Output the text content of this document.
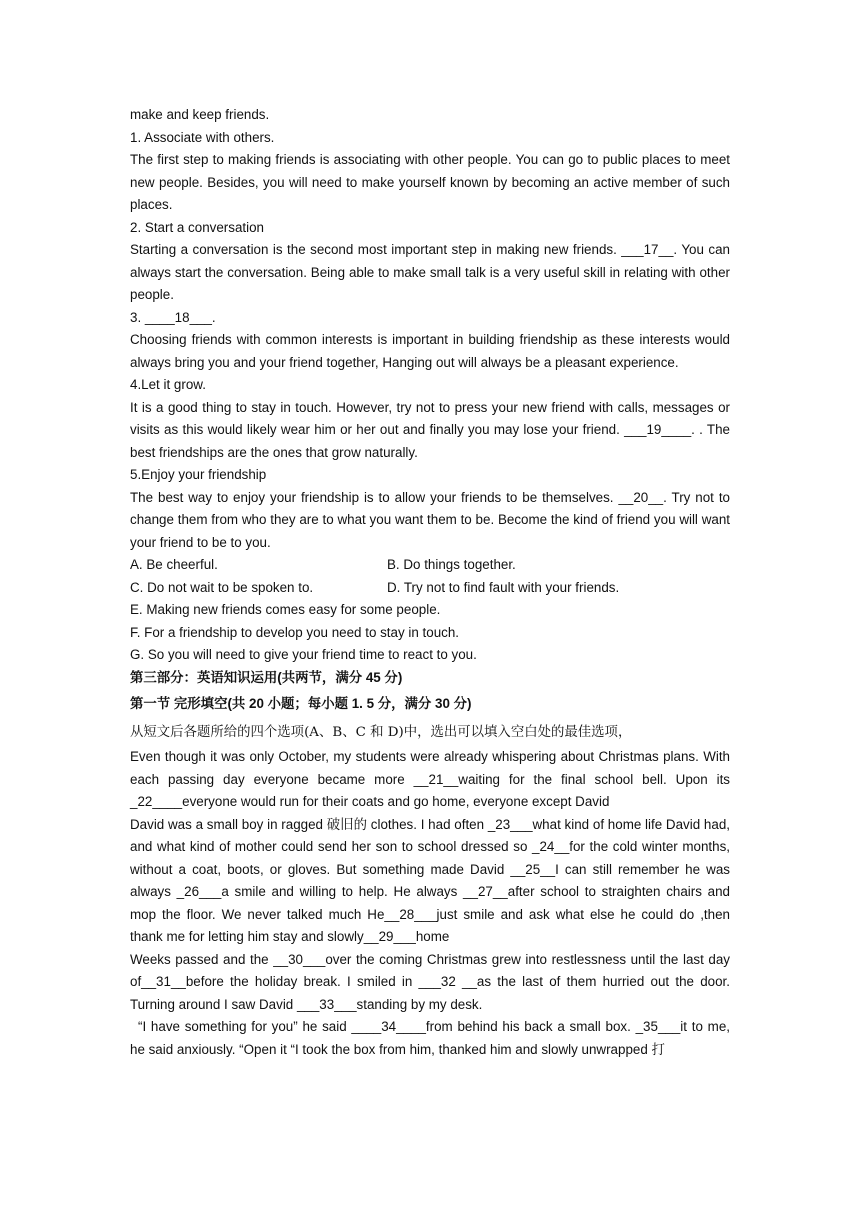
make and keep friends.

1. Associate with others.

The first step to making friends is associating with other people. You can go to public places to meet new people. Besides, you will need to make yourself known by becoming an active member of such places.

2. Start a conversation

Starting a conversation is the second most important step in making new friends. ___17__. You can always start the conversation. Being able to make small talk is a very useful skill in relating with other people.

3. ____18___.

Choosing friends with common interests is important in building friendship as these interests would always bring you and your friend together, Hanging out will always be a pleasant experience.

4.Let it grow.

It is a good thing to stay in touch. However, try not to press your new friend with calls, messages or visits as this would likely wear him or her out and finally you may lose your friend. ___19____. . The best friendships are the ones that grow naturally.

5.Enjoy your friendship

The best way to enjoy your friendship is to allow your friends to be themselves. __20__. Try not to change them from who they are to what you want them to be. Become the kind of friend you will want your friend to be to you.

A. Be cheerful.	B. Do things together.
C. Do not wait to be spoken to.	D. Try not to find fault with your friends.

E. Making new friends comes easy for some people.

F. For a friendship to develop you need to stay in touch.

G. So you will need to give your friend time to react to you.

第三部分：英语知识运用(共两节，满分 45 分)

第一节 完形填空(共 20 小题；每小题 1. 5 分，满分 30 分)

从短文后各题所给的四个选项(A、B、C 和 D)中，选出可以填入空白处的最佳选项，

Even though it was only October, my students were already whispering about Christmas plans. With each passing day everyone became more __21__waiting for the final school bell. Upon its _22____everyone would run for their coats and go home, everyone except David

David was a small boy in ragged 破旧的 clothes. I had often _23___what kind of home life David had, and what kind of mother could send her son to school dressed so _24__for the cold winter months, without a coat, boots, or gloves. But something made David __25__I can still remember he was always _26___a smile and willing to help. He always __27__after school to straighten chairs and mop the floor. We never talked much He__28___just smile and ask what else he could do ,then thank me for letting him stay and slowly__29___home

Weeks passed and the __30___over the coming Christmas grew into restlessness until the last day of__31__before the holiday break. I smiled in ___32 __as the last of them hurried out the door. Turning around I saw David ___33___standing by my desk.

“I have something for you” he said ____34____from behind his back a small box. _35___it to me, he said anxiously. “Open it “I took the box from him, thanked him and slowly unwrapped 打
